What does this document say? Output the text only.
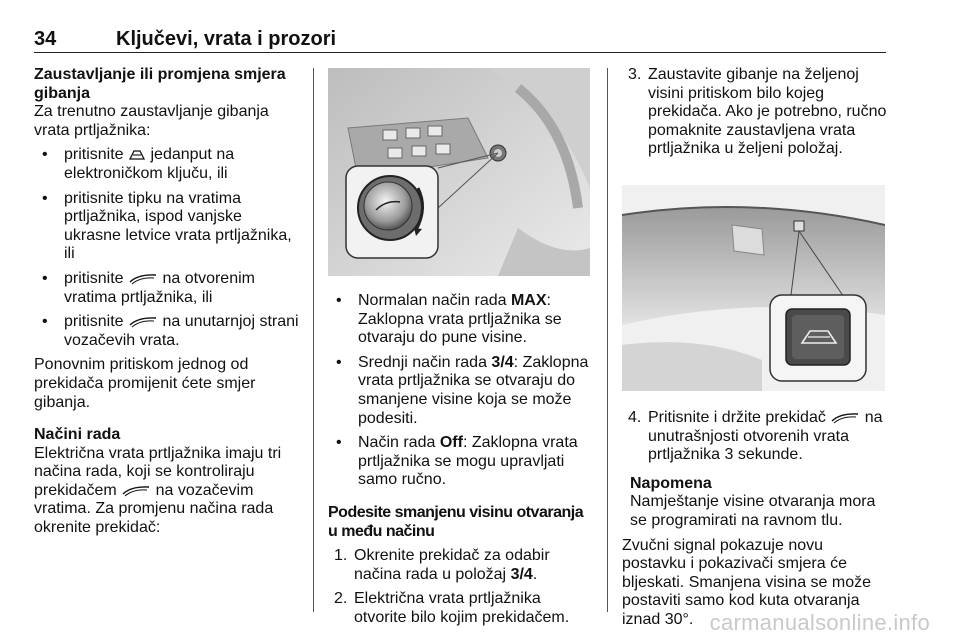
34	Ključevi, vrata i prozori

Zaustavljanje ili promjena smjera gibanja

Za trenutno zaustavljanje gibanja vrata prtljažnika:

• pritisnite jedanput na elektroničkom ključu, ili
• pritisnite tipku na vratima prtljažnika, ispod vanjske ukrasne letvice vrata prtljažnika, ili
• pritisnite na otvorenim vratima prtljažnika, ili
• pritisnite na unutarnjoj strani vozačevih vrata.

Ponovnim pritiskom jednog od prekidača promijenit ćete smjer gibanja.

Načini rada

Električna vrata prtljažnika imaju tri načina rada, koji se kontroliraju prekidačem na vozačevim vratima. Za promjenu načina rada okrenite prekidač:

• Normalan način rada MAX: Zaklopna vrata prtljažnika se otvaraju do pune visine.
• Srednji način rada 3/4: Zaklopna vrata prtljažnika se otvaraju do smanjene visine koja se može podesiti.
• Način rada Off: Zaklopna vrata prtljažnika se mogu upravljati samo ručno.

Podesite smanjenu visinu otvaranja u među načinu

1. Okrenite prekidač za odabir načina rada u položaj 3/4.
2. Električna vrata prtljažnika otvorite bilo kojim prekidačem.
3. Zaustavite gibanje na željenoj visini pritiskom bilo kojeg prekidača. Ako je potrebno, ručno pomaknite zaustavljena vrata prtljažnika u željeni položaj.
4. Pritisnite i držite prekidač na unutrašnjosti otvorenih vrata prtljažnika 3 sekunde.

Napomena

Namještanje visine otvaranja mora se programirati na ravnom tlu.

Zvučni signal pokazuje novu postavku i pokazivači smjera će bljeskati. Smanjena visina se može postaviti samo kod kuta otvaranja iznad 30°. carmanualsonline.info
